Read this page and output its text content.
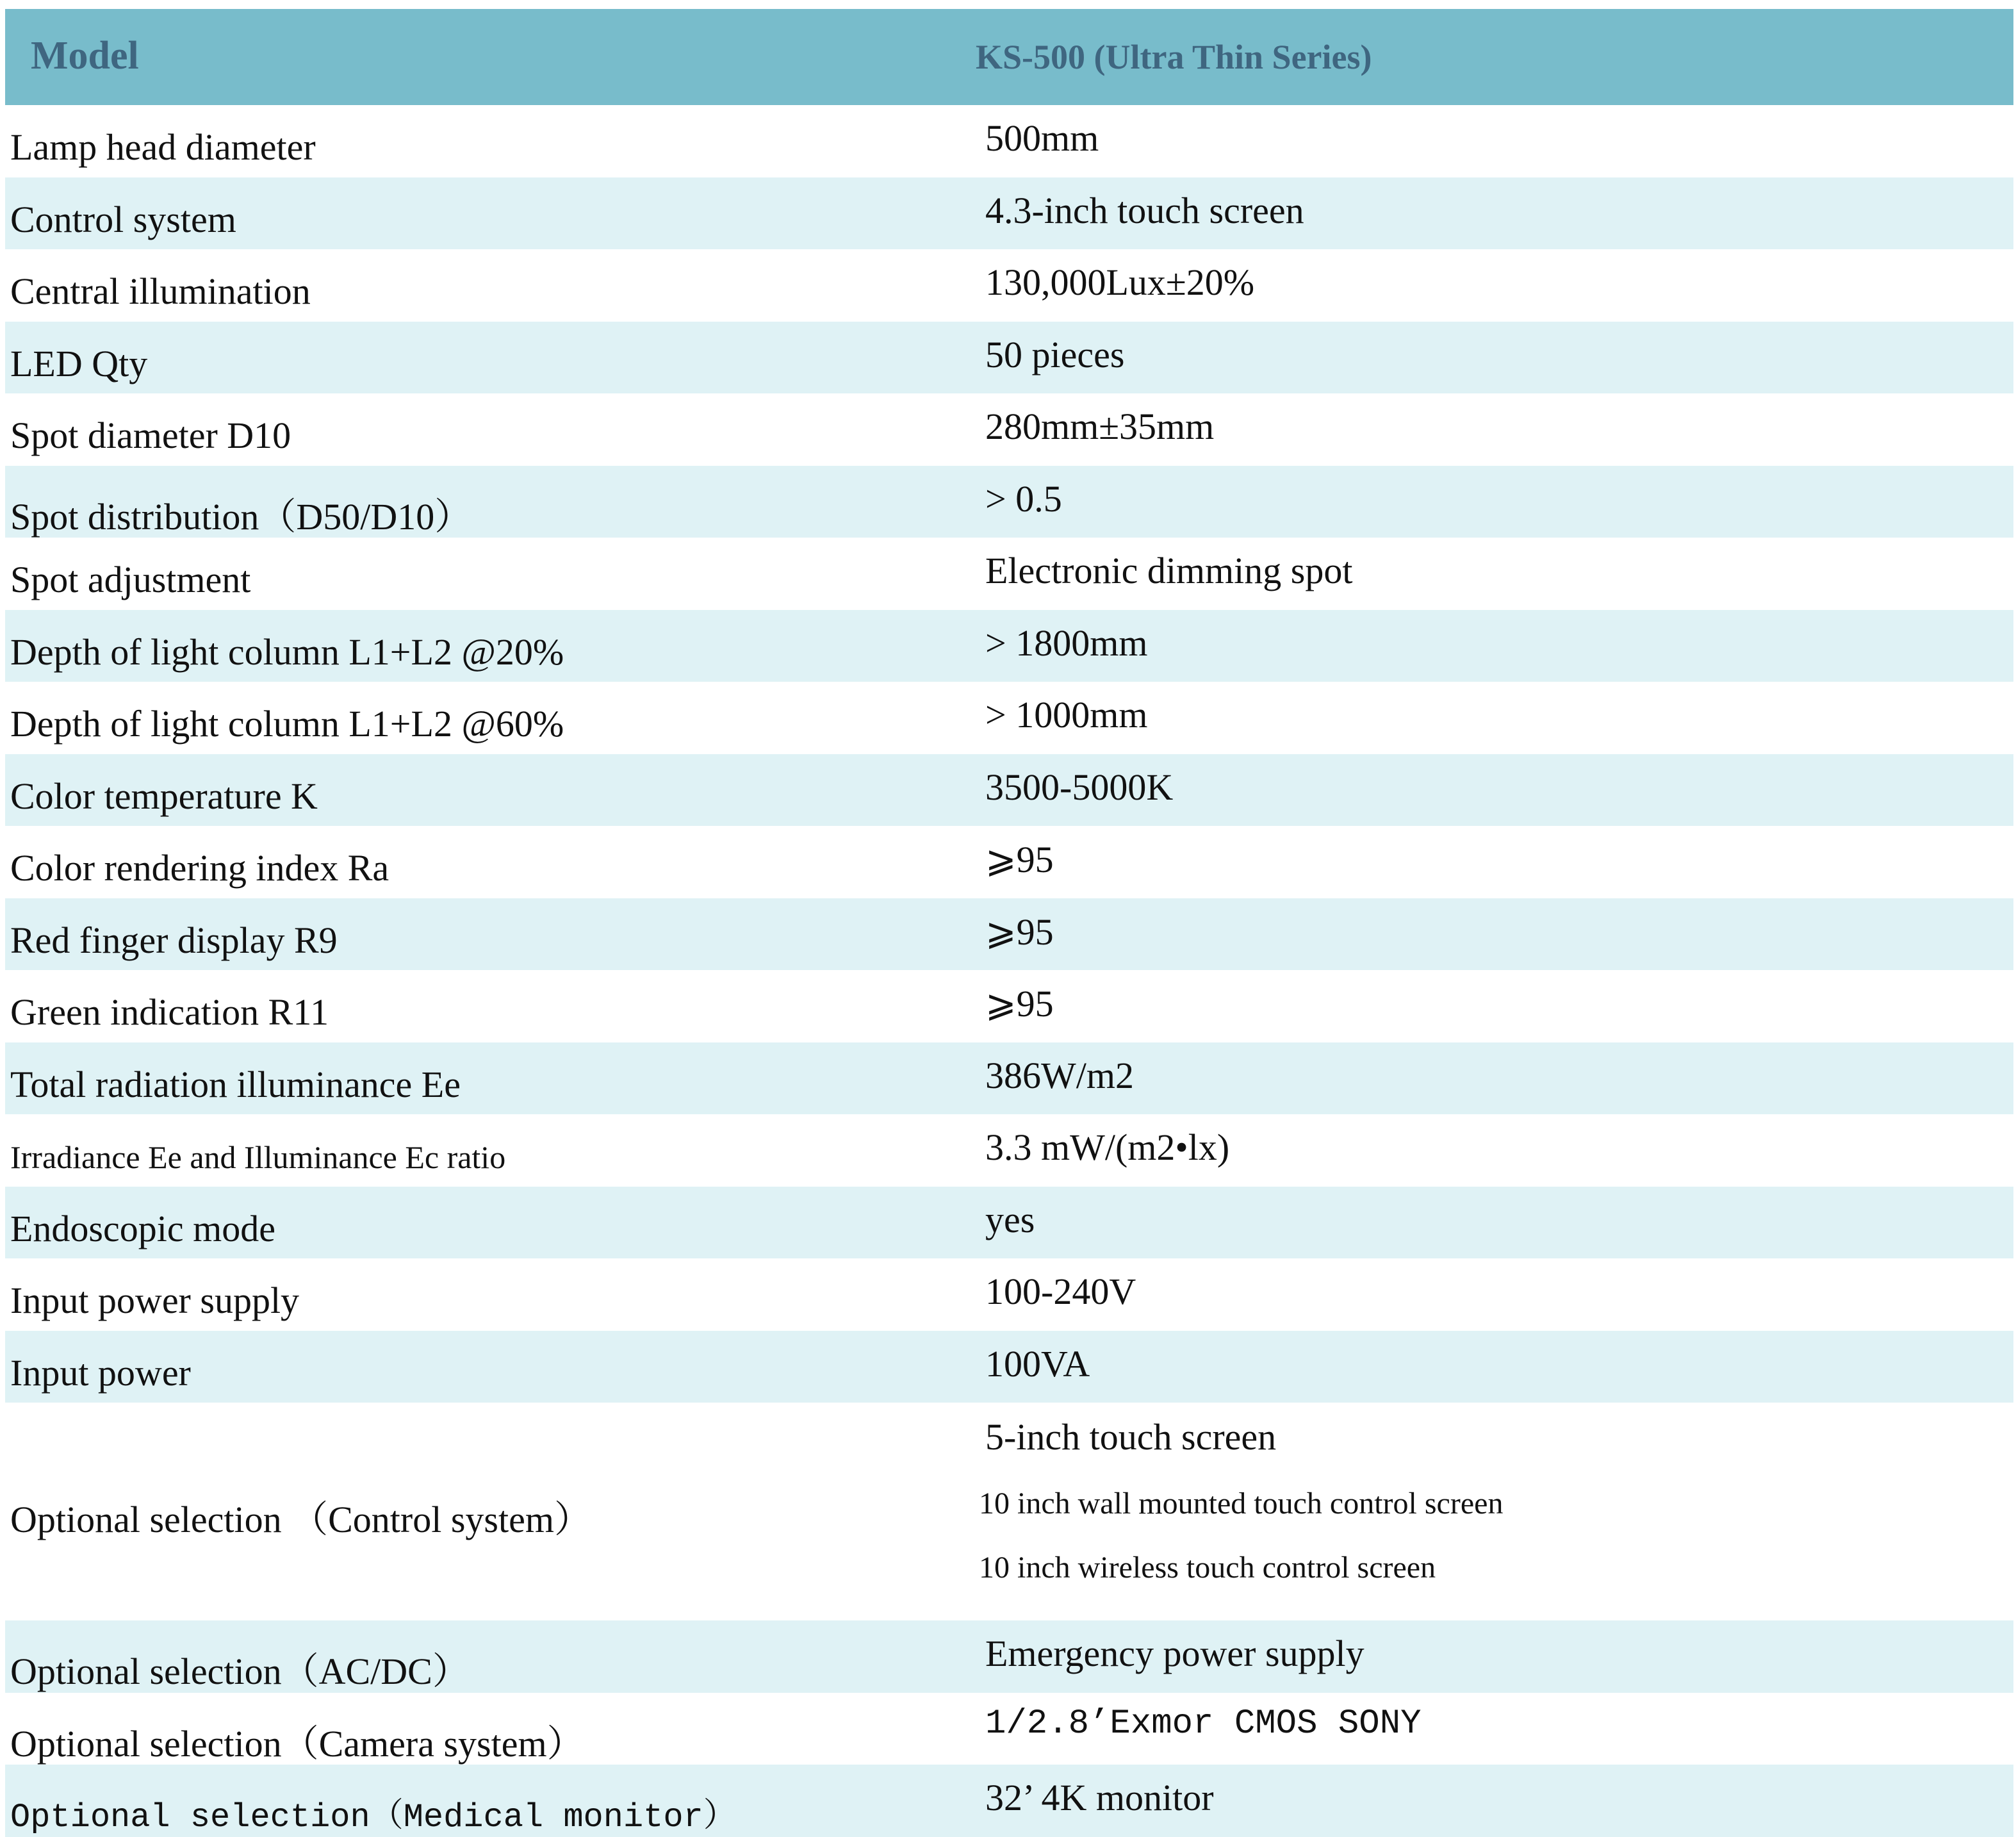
Model	KS-500 (Ultra Thin Series)
Lamp head diameter	500mm
Control system	4.3-inch touch screen
Central illumination	130,000Lux±20%
LED Qty	50 pieces
Spot diameter D10	280mm±35mm
Spot distribution（D50/D10）	> 0.5
Spot adjustment	Electronic dimming spot
Depth of light column L1+L2 @20%	> 1800mm
Depth of light column L1+L2 @60%	> 1000mm
Color temperature K	3500-5000K
Color rendering index Ra	⩾95
Red finger display R9	⩾95
Green indication R11	⩾95
Total radiation illuminance Ee	386W/m2
Irradiance Ee and Illuminance Ec ratio	3.3 mW/(m2•lx)
Endoscopic mode	yes
Input power supply	100-240V
Input power	100VA
Optional selection （Control system）
5-inch touch screen
10 inch wall mounted touch control screen
10 inch wireless touch control screen
Optional selection（AC/DC）	Emergency power supply
Optional selection（Camera system）	1/2.8’Exmor CMOS SONY
Optional selection（Medical monitor）	32’ 4K monitor
